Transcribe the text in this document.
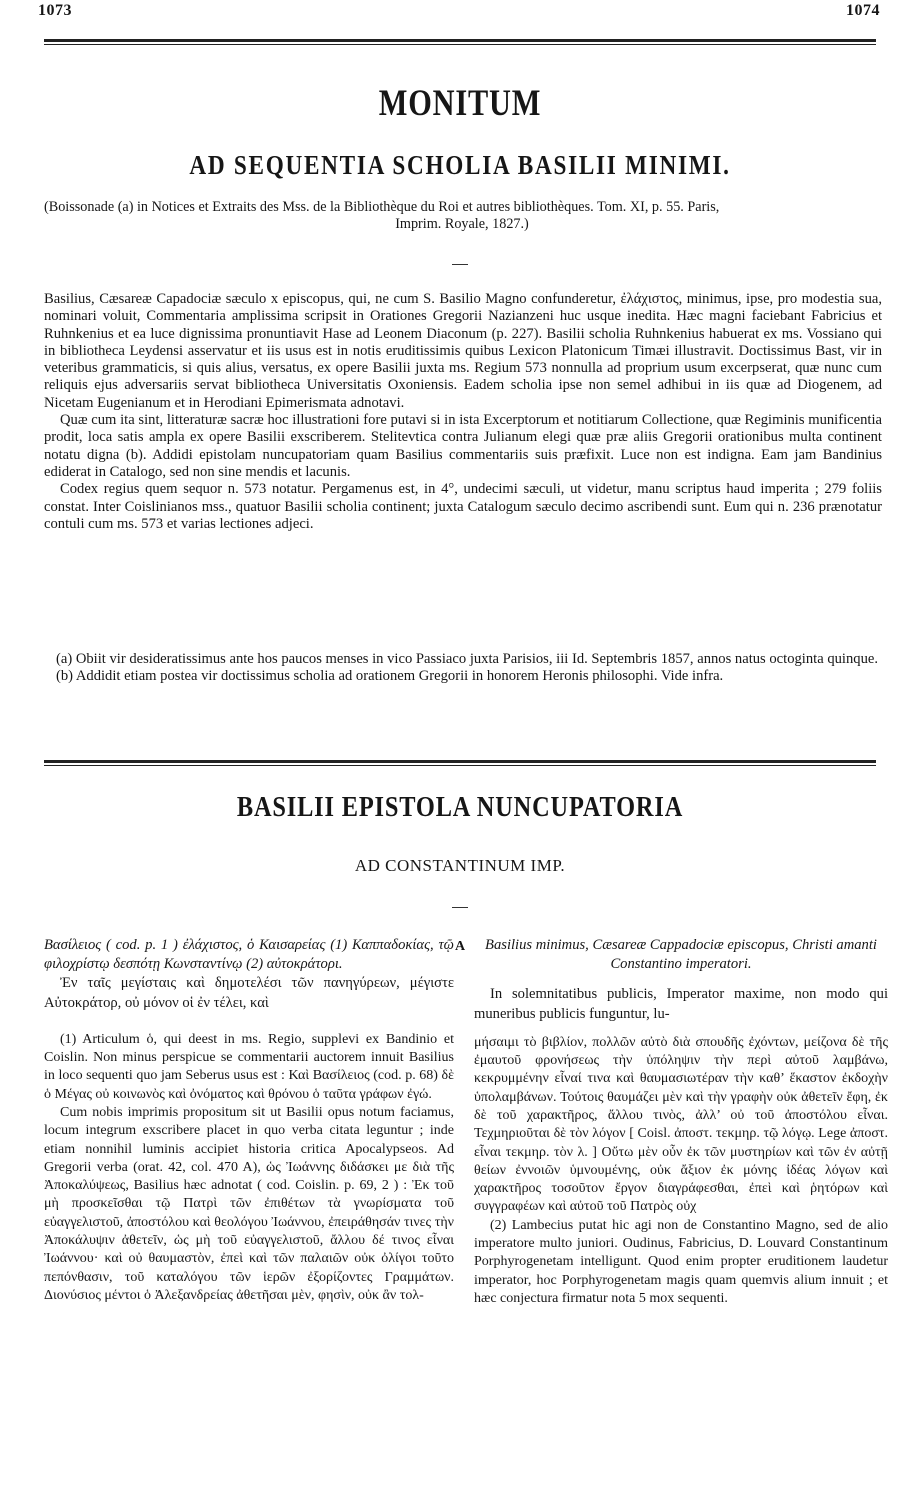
1073	1074
MONITUM
AD SEQUENTIA SCHOLIA BASILII MINIMI.
(Boissonade (a) in Notices et Extraits des Mss. de la Bibliothèque du Roi et autres bibliothèques. Tom. XI, p. 55. Paris,
Imprim. Royale, 1827.)

Basilius, Cæsareæ Capadociæ sæculo x episcopus, qui, ne cum S. Basilio Magno confunderetur, ἐλάχιστος, minimus, ipse, pro modestia sua, nominari voluit, Commentaria amplissima scripsit in Orationes Gregorii Nazianzeni huc usque inedita. Hæc magni faciebant Fabricius et Ruhnkenius et ea luce dignissima pronuntiavit Hase ad Leonem Diaconum (p. 227). Basilii scholia Ruhnkenius habuerat ex ms. Vossiano qui in bibliotheca Leydensi asservatur et iis usus est in notis eruditissimis quibus Lexicon Platonicum Timæi illustravit. Doctissimus Bast, vir in veteribus grammaticis, si quis alius, versatus, ex opere Basilii juxta ms. Regium 573 nonnulla ad proprium usum excerpserat, quæ nunc cum reliquis ejus adversariis servat bibliotheca Universitatis Oxoniensis. Eadem scholia ipse non semel adhibui in iis quæ ad Diogenem, ad Nicetam Eugenianum et in Herodiani Epimerismata adnotavi.

Quæ cum ita sint, litteraturæ sacræ hoc illustrationi fore putavi si in ista Excerptorum et notitiarum Collectione, quæ Regiminis munificentia prodit, loca satis ampla ex opere Basilii exscriberem. Stelitevtica contra Julianum elegi quæ præ aliis Gregorii orationibus multa continent notatu digna (b). Addidi epistolam nuncupatoriam quam Basilius commentariis suis præfixit. Luce non est indigna. Eam jam Bandinius ediderat in Catalogo, sed non sine mendis et lacunis.

Codex regius quem sequor n. 573 notatur. Pergamenus est, in 4°, undecimi sæculi, ut videtur, manu scriptus haud imperita ; 279 foliis constat. Inter Coislinianos mss., quatuor Basilii scholia continent; juxta Catalogum sæculo decimo ascribendi sunt. Eum qui n. 236 prænotatur contuli cum ms. 573 et varias lectiones adjeci.

(a) Obiit vir desideratissimus ante hos paucos menses in vico Passiaco juxta Parisios, iii Id. Septembris 1857, annos natus octoginta quinque.

(b) Addidit etiam postea vir doctissimus scholia ad orationem Gregorii in honorem Heronis philosophi. Vide infra.

BASILII EPISTOLA NUNCUPATORIA
AD CONSTANTINUM IMP.
A

Βασίλειος ( cod. p. 1 ) ἐλάχιστος, ὁ Καισαρείας (1) Καππαδοκίας, τῷ φιλοχρίστῳ δεσπότῃ Κωνσταντίνῳ (2) αὐτοκράτορι.

Ἐν ταῖς μεγίσταις καὶ δημοτελέσι τῶν πανηγύρεων, μέγιστε Αὐτοκράτορ, οὐ μόνον οἱ ἐν τέλει, καὶ

(1) Articulum ὁ, qui deest in ms. Regio, supplevi ex Bandinio et Coislin. Non minus perspicue se commentarii auctorem innuit Basilius in loco sequenti quo jam Seberus usus est : Καὶ Βασίλειος (cod. p. 68) δὲ ὁ Μέγας οὐ κοινωνὸς καὶ ὀνόματος καὶ θρόνου ὁ ταῦτα γράφων ἐγώ.

Cum nobis imprimis propositum sit ut Basilii opus notum faciamus, locum integrum exscribere placet in quo verba citata leguntur ; inde etiam nonnihil luminis accipiet historia critica Apocalypseos. Ad Gregorii verba (orat. 42, col. 470 A), ὡς Ἰωάννης διδάσκει με διὰ τῆς Ἀποκαλύψεως, Basilius hæc adnotat ( cod. Coislin. p. 69, 2 ) : Ἐκ τοῦ μὴ προσκεῖσθαι τῷ Πατρὶ τῶν ἐπιθέτων τὰ γνωρίσματα τοῦ εὐαγγελιστοῦ, ἀποστόλου καὶ θεολόγου Ἰωάννου, ἐπειράθησάν τινες τὴν Ἀποκάλυψιν ἀθετεῖν, ὡς μὴ τοῦ εὐαγγελιστοῦ, ἄλλου δέ τινος εἶναι Ἰωάννου· καὶ οὐ θαυμαστὸν, ἐπεὶ καὶ τῶν παλαιῶν οὐκ ὀλίγοι τοῦτο πεπόνθασιν, τοῦ καταλόγου τῶν ἱερῶν ἐξορίζοντες Γραμμάτων. Διονύσιος μέντοι ὁ Ἀλεξανδρείας ἀθετῆσαι μὲν, φησὶν, οὐκ ἂν τολ-

Basilius minimus, Cæsareæ Cappadociæ episcopus, Christi amanti Constantino imperatori.

In solemnitatibus publicis, Imperator maxime, non modo qui muneribus publicis funguntur, lu-

μήσαιμι τὸ βιβλίον, πολλῶν αὐτὸ διὰ σπουδῆς ἐχόντων, μείζονα δὲ τῆς ἐμαυτοῦ φρονήσεως τὴν ὑπόληψιν τὴν περὶ αὐτοῦ λαμβάνω, κεκρυμμένην εἶναί τινα καὶ θαυμασιωτέραν τὴν καθ’ ἕκαστον ἐκδοχὴν ὑπολαμβάνων. Τούτοις θαυμάζει μὲν καὶ τὴν γραφὴν οὐκ ἀθετεῖν ἔφη, ἐκ δὲ τοῦ χαρακτῆρος, ἄλλου τινὸς, ἀλλ’ οὐ τοῦ ἀποστόλου εἶναι. Τεχμηριοῦται δὲ τὸν λόγον [ Coisl. ἀποστ. τεκμηρ. τῷ λόγῳ. Lege ἀποστ. εἶναι τεκμηρ. τὸν λ. ] Οὔτω μὲν οὖν ἐκ τῶν μυστηρίων καὶ τῶν ἐν αὐτῇ θείων ἐννοιῶν ὑμνουμένης, οὐκ ἄξιον ἐκ μόνης ἰδέας λόγων καὶ χαρακτῆρος τοσοῦτον ἔργον διαγράφεσθαι, ἐπεὶ καὶ ῥητόρων καὶ συγγραφέων καὶ αὐτοῦ τοῦ Πατρὸς οὐχ

(2) Lambecius putat hic agi non de Constantino Magno, sed de alio imperatore multo juniori. Oudinus, Fabricius, D. Louvard Constantinum Porphyrogenetam intelligunt. Quod enim propter eruditionem laudetur imperator, hoc Porphyrogenetam magis quam quemvis alium innuit ; et hæc conjectura firmatur nota 5 mox sequenti.
